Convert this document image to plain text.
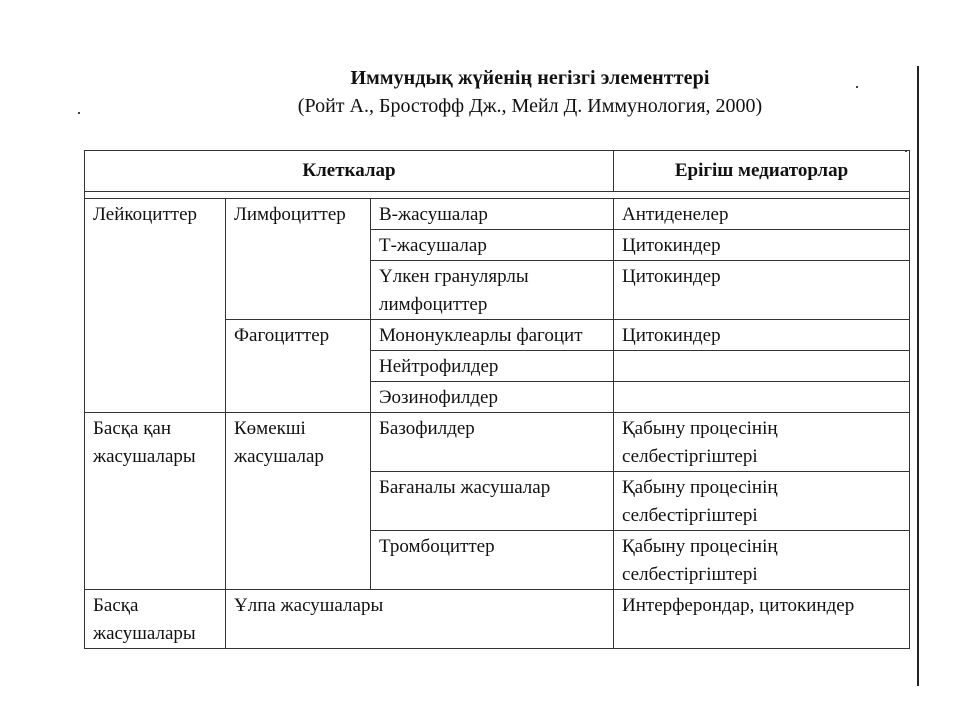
Иммундық жүйенің негізгі элементтері
(Ройт А., Бростофф Дж., Мейл Д. Иммунология, 2000)
Клеткалар			Ерігіш медиаторлар

Лейкоциттер	Лимфоциттер	В-жасушалар	Антиденелер
		Т-жасушалар	Цитокиндер
		Үлкен гранулярлы лимфоциттер	Цитокиндер
	Фагоциттер	Мононуклеарлы фагоцит	Цитокиндер
		Нейтрофилдер	
		Эозинофилдер	
Басқа қан жасушалары	Көмекші жасушалар	Базофилдер	Қабыну процесінің селбестіргіштері
		Бағаналы жасушалар	Қабыну процесінің селбестіргіштері
		Тромбоциттер	Қабыну процесінің селбестіргіштері
Басқа жасушалары	Ұлпа жасушалары		Интерферондар, цитокиндер
